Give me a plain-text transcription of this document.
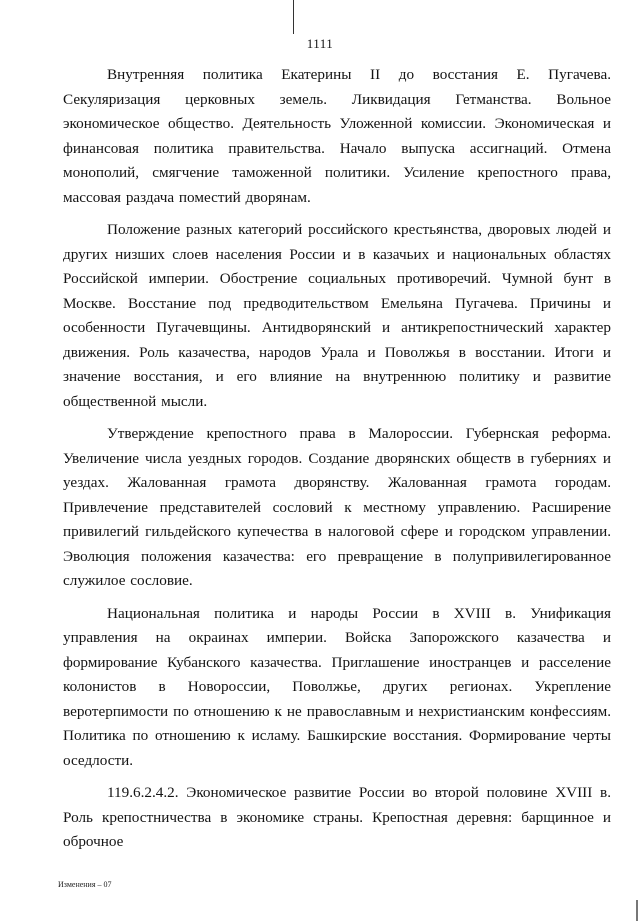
1111

Внутренняя политика Екатерины II до восстания Е. Пугачева. Секуляризация церковных земель. Ликвидация Гетманства. Вольное экономическое общество. Деятельность Уложенной комиссии. Экономическая и финансовая политика правительства. Начало выпуска ассигнаций. Отмена монополий, смягчение таможенной политики. Усиление крепостного права, массовая раздача поместий дворянам.

Положение разных категорий российского крестьянства, дворовых людей и других низших слоев населения России и в казачьих и национальных областях Российской империи. Обострение социальных противоречий. Чумной бунт в Москве. Восстание под предводительством Емельяна Пугачева. Причины и особенности Пугачевщины. Антидворянский и антикрепостнический характер движения. Роль казачества, народов Урала и Поволжья в восстании. Итоги и значение восстания, и его влияние на внутреннюю политику и развитие общественной мысли.

Утверждение крепостного права в Малороссии. Губернская реформа. Увеличение числа уездных городов. Создание дворянских обществ в губерниях и уездах. Жалованная грамота дворянству. Жалованная грамота городам. Привлечение представителей сословий к местному управлению. Расширение привилегий гильдейского купечества в налоговой сфере и городском управлении. Эволюция положения казачества: его превращение в полупривилегированное служилое сословие.

Национальная политика и народы России в XVIII в. Унификация управления на окраинах империи. Войска Запорожского казачества и формирование Кубанского казачества. Приглашение иностранцев и расселение колонистов в Новороссии, Поволжье, других регионах. Укрепление веротерпимости по отношению к не православным и нехристианским конфессиям. Политика по отношению к исламу. Башкирские восстания. Формирование черты оседлости.

119.6.2.4.2. Экономическое развитие России во второй половине XVIII в. Роль крепостничества в экономике страны. Крепостная деревня: барщинное и оброчное

Изменения – 07
